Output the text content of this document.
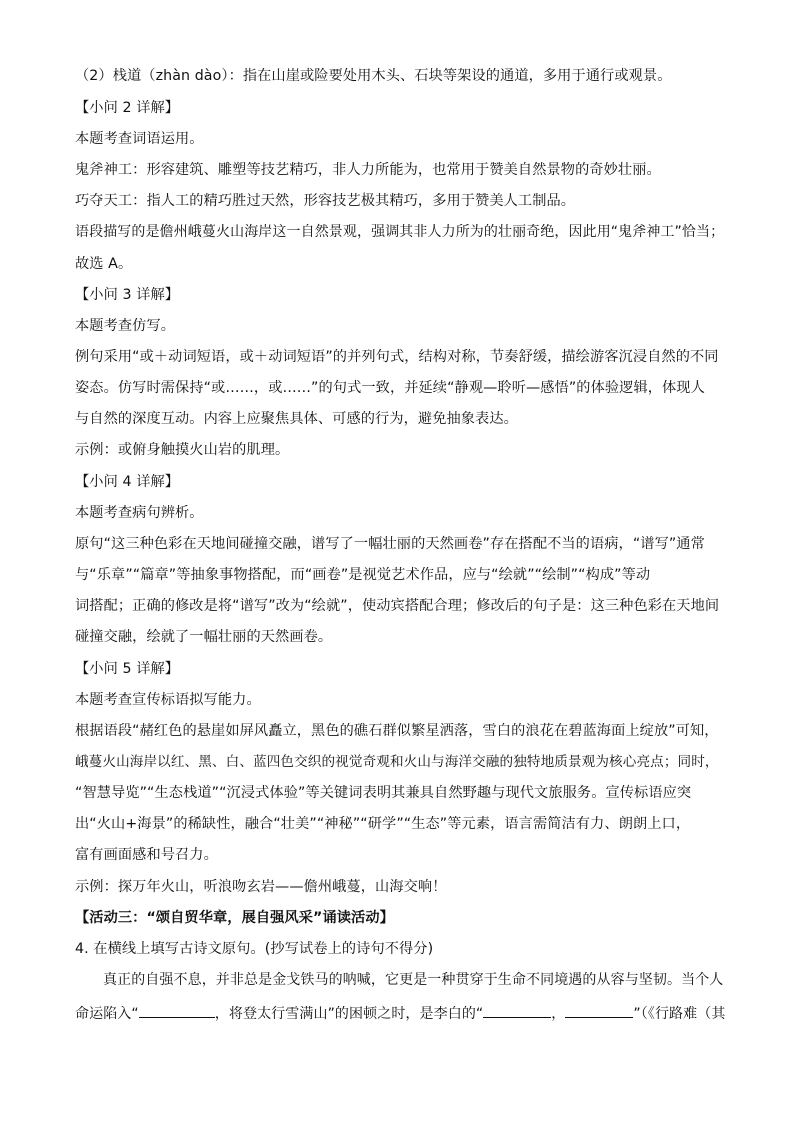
（2）栈道（zhàn dào）：指在山崖或险要处用木头、石块等架设的通道，多用于通行或观景。

【小问 2 详解】

本题考查词语运用。

鬼斧神工：形容建筑、雕塑等技艺精巧，非人力所能为，也常用于赞美自然景物的奇妙壮丽。

巧夺天工：指人工的精巧胜过天然，形容技艺极其精巧，多用于赞美人工制品。

语段描写的是儋州峨蔓火山海岸这一自然景观，强调其非人力所为的壮丽奇绝，因此用“鬼斧神工”恰当；

故选 A。

【小问 3 详解】

本题考查仿写。

例句采用“或＋动词短语，或＋动词短语”的并列句式，结构对称，节奏舒缓，描绘游客沉浸自然的不同

姿态。仿写时需保持“或……，或……”的句式一致，并延续“静观—聆听—感悟”的体验逻辑，体现人

与自然的深度互动。内容上应聚焦具体、可感的行为，避免抽象表达。

示例：或俯身触摸火山岩的肌理。

【小问 4 详解】

本题考查病句辨析。

原句“这三种色彩在天地间碰撞交融，谱写了一幅壮丽的天然画卷”存在搭配不当的语病，“谱写”通常

与“乐章”“篇章”等抽象事物搭配，而“画卷”是视觉艺术作品，应与“绘就”“绘制”“构成”等动

词搭配；正确的修改是将“谱写”改为“绘就”，使动宾搭配合理；修改后的句子是：这三种色彩在天地间

碰撞交融，绘就了一幅壮丽的天然画卷。

【小问 5 详解】

本题考查宣传标语拟写能力。

根据语段“赭红色的悬崖如屏风矗立，黑色的礁石群似繁星洒落，雪白的浪花在碧蓝海面上绽放”可知，

峨蔓火山海岸以红、黑、白、蓝四色交织的视觉奇观和火山与海洋交融的独特地质景观为核心亮点；同时，

“智慧导览”“生态栈道”“沉浸式体验”等关键词表明其兼具自然野趣与现代文旅服务。宣传标语应突

出“火山+海景”的稀缺性，融合“壮美”“神秘”“研学”“生态”等元素，语言需简洁有力、朗朗上口，

富有画面感和号召力。

示例：探万年火山，听浪吻玄岩——儋州峨蔓，山海交响！

【活动三：“颂自贸华章，展自强风采”诵读活动】

4. 在横线上填写古诗文原句。(抄写试卷上的诗句不得分)

真正的自强不息，并非总是金戈铁马的呐喊，它更是一种贯穿于生命不同境遇的从容与坚韧。当个人

命运陷入“	，将登太行雪满山”的困顿之时，是李白的“	，	”（《行路难（其
